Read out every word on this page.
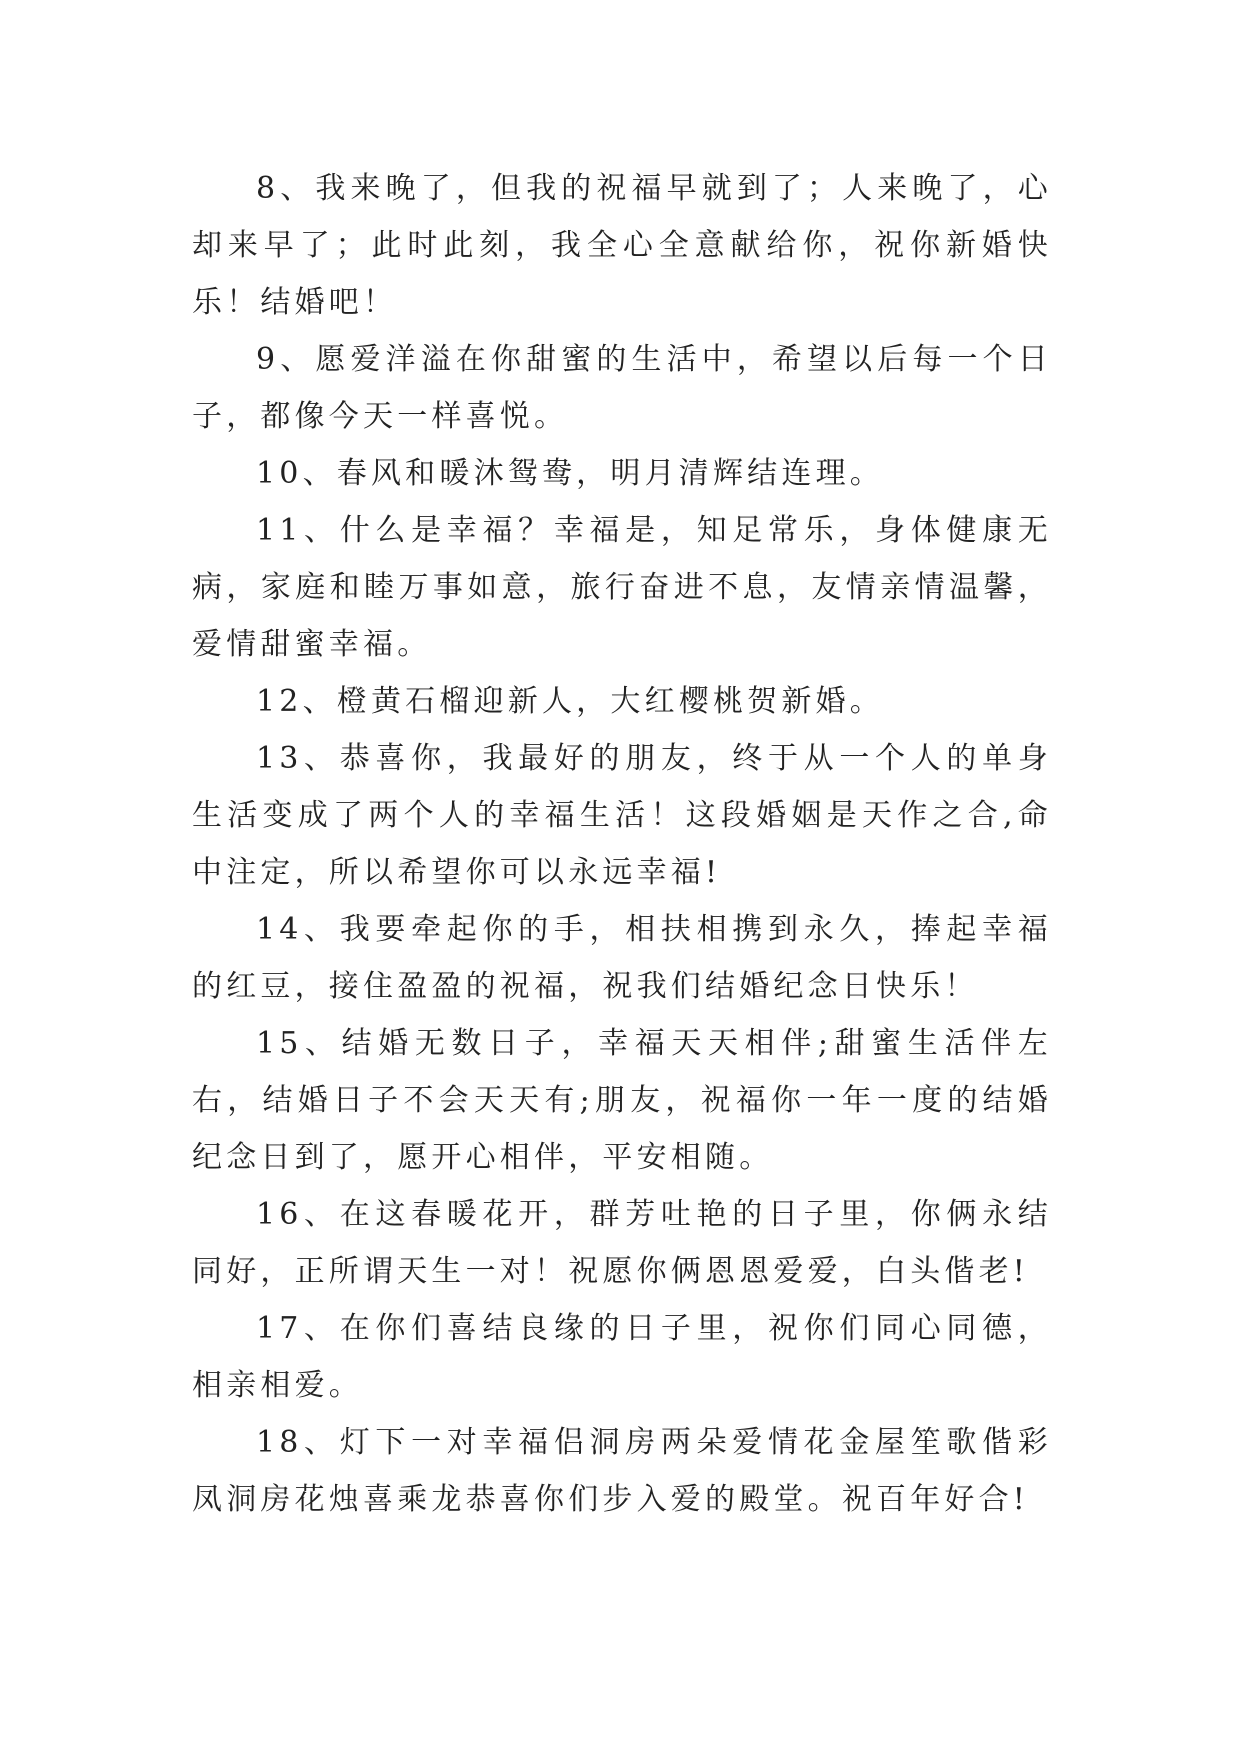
8、我来晚了，但我的祝福早就到了；人来晚了，心却来早了；此时此刻，我全心全意献给你，祝你新婚快乐！结婚吧！

9、愿爱洋溢在你甜蜜的生活中，希望以后每一个日子，都像今天一样喜悦。

10、春风和暖沐鸳鸯，明月清辉结连理。

11、什么是幸福？幸福是，知足常乐，身体健康无病，家庭和睦万事如意，旅行奋进不息，友情亲情温馨，爱情甜蜜幸福。

12、橙黄石榴迎新人，大红樱桃贺新婚。

13、恭喜你，我最好的朋友，终于从一个人的单身生活变成了两个人的幸福生活！这段婚姻是天作之合,命中注定，所以希望你可以永远幸福!

14、我要牵起你的手，相扶相携到永久，捧起幸福的红豆，接住盈盈的祝福，祝我们结婚纪念日快乐！

15、结婚无数日子，幸福天天相伴;甜蜜生活伴左右，结婚日子不会天天有;朋友，祝福你一年一度的结婚纪念日到了，愿开心相伴，平安相随。

16、在这春暖花开，群芳吐艳的日子里，你俩永结同好，正所谓天生一对！祝愿你俩恩恩爱爱，白头偕老!

17、在你们喜结良缘的日子里，祝你们同心同德，相亲相爱。

18、灯下一对幸福侣洞房两朵爱情花金屋笙歌偕彩凤洞房花烛喜乘龙恭喜你们步入爱的殿堂。祝百年好合!
